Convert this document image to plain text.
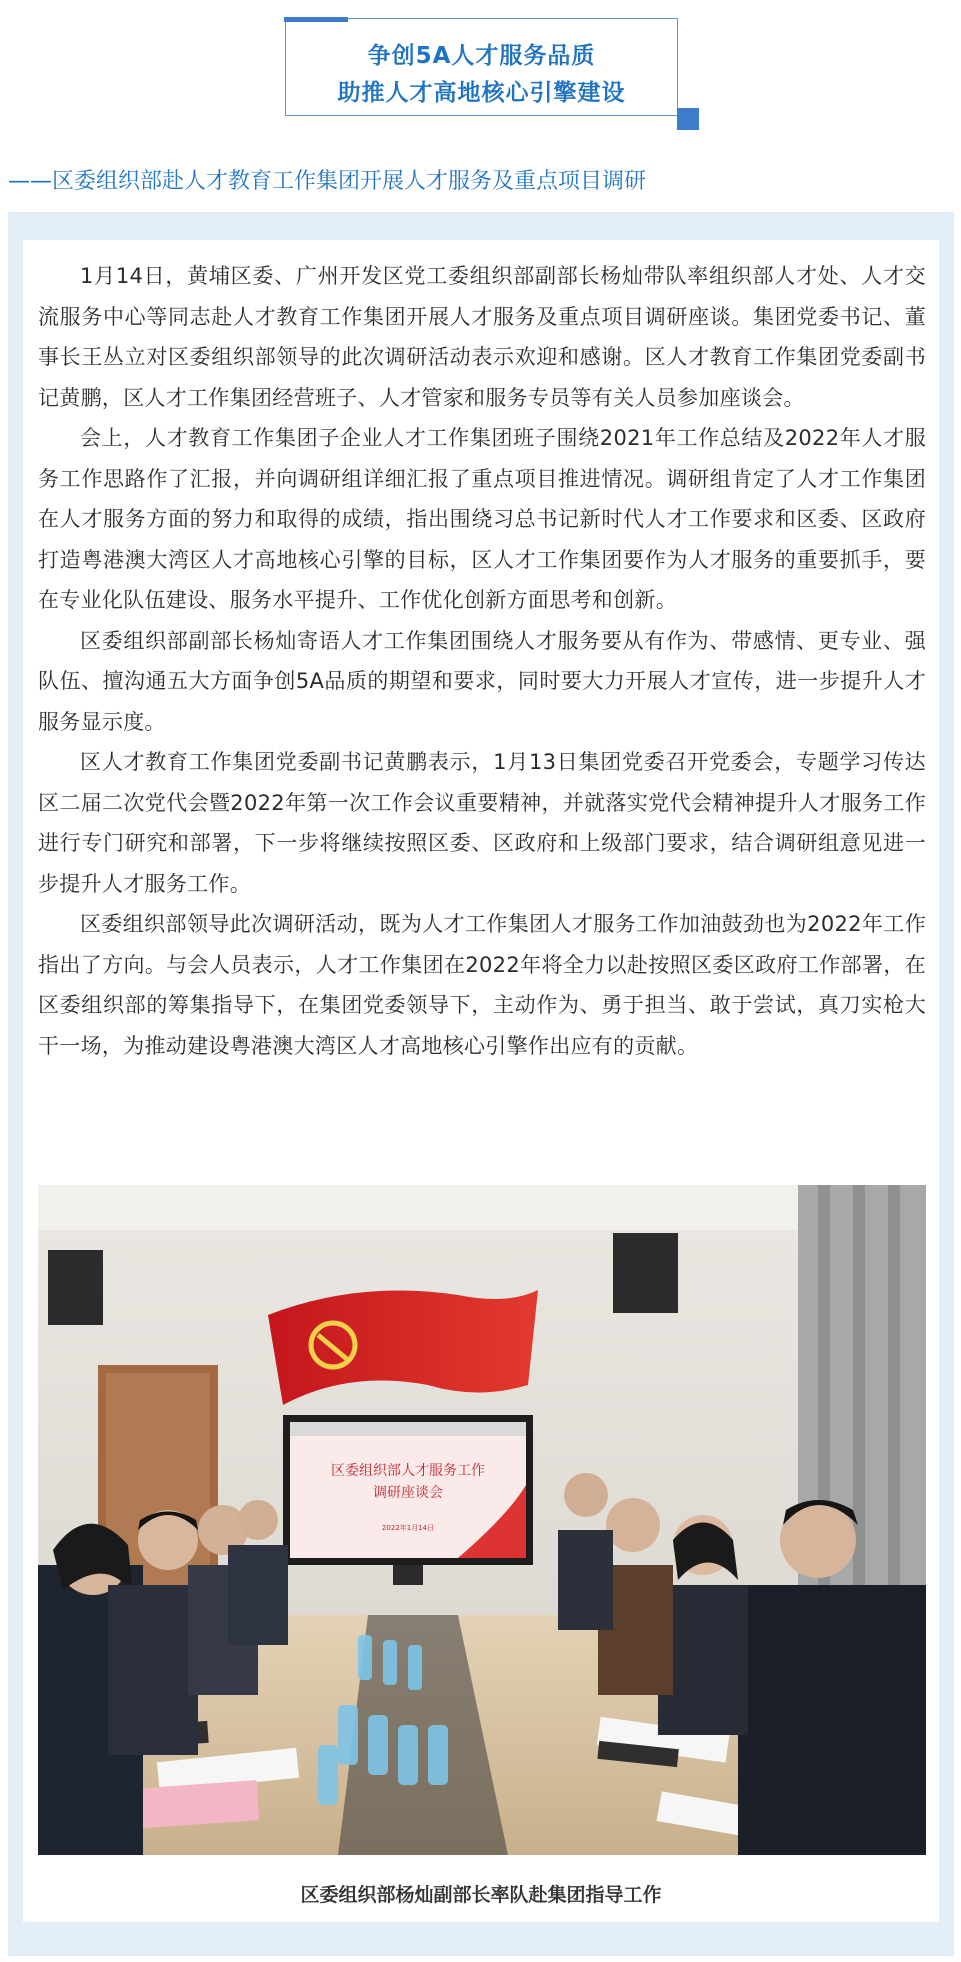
争创5A人才服务品质
助推人才高地核心引擎建设
——区委组织部赴人才教育工作集团开展人才服务及重点项目调研

1月14日，黄埔区委、广州开发区党工委组织部副部长杨灿带队率组织部人才处、人才交流服务中心等同志赴人才教育工作集团开展人才服务及重点项目调研座谈。集团党委书记、董事长王丛立对区委组织部领导的此次调研活动表示欢迎和感谢。区人才教育工作集团党委副书记黄鹏，区人才工作集团经营班子、人才管家和服务专员等有关人员参加座谈会。

会上，人才教育工作集团子企业人才工作集团班子围绕2021年工作总结及2022年人才服务工作思路作了汇报，并向调研组详细汇报了重点项目推进情况。调研组肯定了人才工作集团在人才服务方面的努力和取得的成绩，指出围绕习总书记新时代人才工作要求和区委、区政府打造粤港澳大湾区人才高地核心引擎的目标，区人才工作集团要作为人才服务的重要抓手，要在专业化队伍建设、服务水平提升、工作优化创新方面思考和创新。

区委组织部副部长杨灿寄语人才工作集团围绕人才服务要从有作为、带感情、更专业、强队伍、擅沟通五大方面争创5A品质的期望和要求，同时要大力开展人才宣传，进一步提升人才服务显示度。

区人才教育工作集团党委副书记黄鹏表示，1月13日集团党委召开党委会，专题学习传达区二届二次党代会暨2022年第一次工作会议重要精神，并就落实党代会精神提升人才服务工作进行专门研究和部署，下一步将继续按照区委、区政府和上级部门要求，结合调研组意见进一步提升人才服务工作。

区委组织部领导此次调研活动，既为人才工作集团人才服务工作加油鼓劲也为2022年工作指出了方向。与会人员表示，人才工作集团在2022年将全力以赴按照区委区政府工作部署，在区委组织部的筹集指导下，在集团党委领导下，主动作为、勇于担当、敢于尝试，真刀实枪大干一场，为推动建设粤港澳大湾区人才高地核心引擎作出应有的贡献。

区委组织部人才服务工作
调研座谈会
2022年1月14日
区委组织部杨灿副部长率队赴集团指导工作
